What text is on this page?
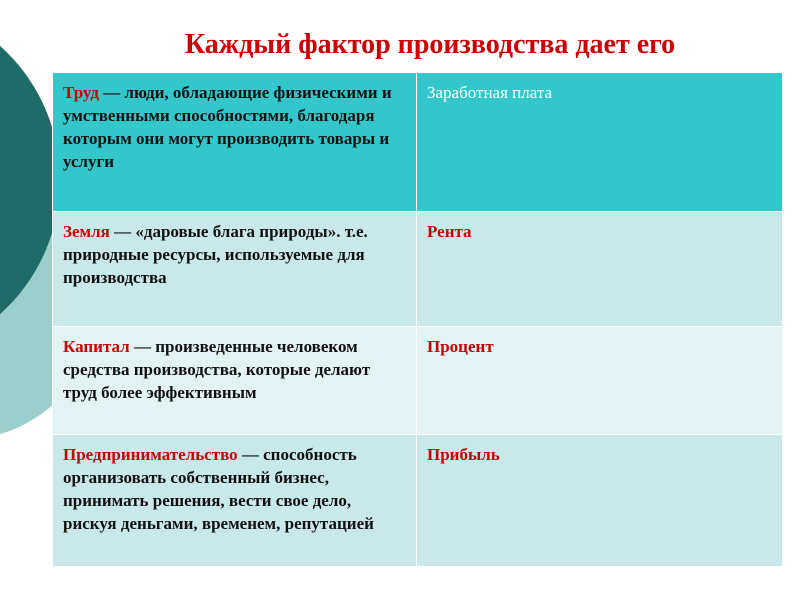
Каждый фактор производства дает его
Труд — люди, обладающие физическими и умственными способностями, благодаря которым они могут производить товары и услуги	Заработная плата
Земля — «даровые блага природы». т.е. природные ресурсы, используемые для производства	Рента
Капитал — произведенные человеком средства производства, которые делают труд более эффективным	Процент
Предпринимательство — способность организовать собственный бизнес, принимать решения, вести свое дело, рискуя деньгами, временем, репутацией	Прибыль
